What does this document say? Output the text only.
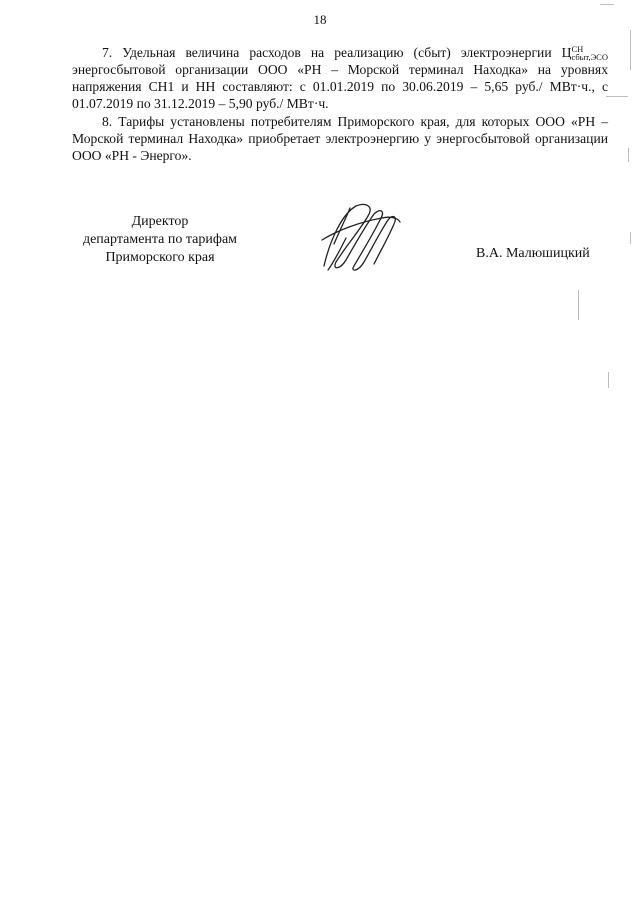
18

7. Удельная величина расходов на реализацию (сбыт) электроэнергии Ц СН
сбыт,ЭСО
энергосбытовой организации ООО «РН – Морской терминал Находка» на уровнях напряжения СН1 и НН составляют: с 01.01.2019 по 30.06.2019 – 5,65 руб./ МВт·ч., с 01.07.2019 по 31.12.2019 – 5,90 руб./ МВт·ч.

8. Тарифы установлены потребителям Приморского края, для которых ООО «РН – Морской терминал Находка» приобретает электроэнергию у энергосбытовой организации ООО «РН - Энерго».

Директор
департамента по тарифам
Приморского края	В.А. Малюшицкий
